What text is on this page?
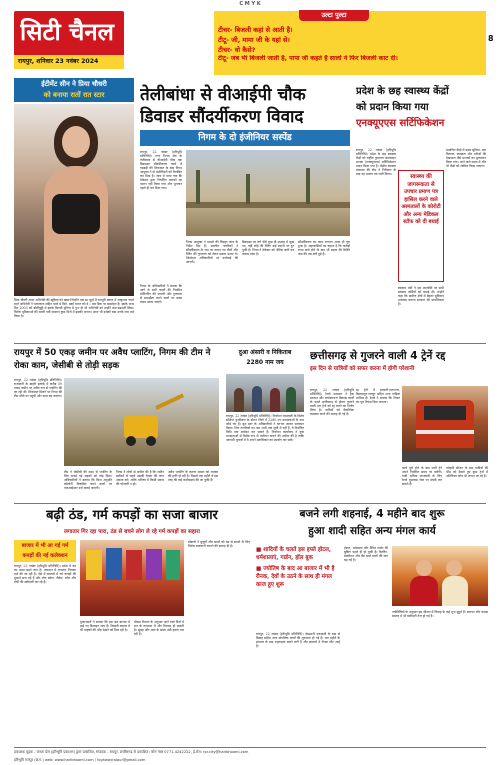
C M Y K
सिटी चैनल
रायपुर, शनिवार 23 नवंबर 2024
उल्टा पुल्टा
टीचर- बिजली कहां से आती है।
टीटू- जी, मामा जी के यहां से।
टीचर- वो कैसे?
टीटू- जब भी बिजली जाती है, पापा जी कहते हैं सालों ने फिर बिजली काट दी।
8
ईटीमेंट सीन ने प्रिया चौधरी
को बनाया रातों रात स्टार
प्रिया चौधरी अपन अभिनेत्री की खूबियां को खास-जिन्होंने एक सा चुहरे हैं रायपुरी बंगाल में आकृतक नयारे रहते अभिनेत्री ने भारतराज सहित भाले में बिते. खाई भारत को दे । अब दिया था सम्मोहन है। इसके जन्म दिन 2003 को बॉलीवुड्डी में इसके फिल्मी दुनिया में पुनः दी भी अभिनेत्री को उन्होंने कम-उम्रदर्शी लिख। विशेष भूमिकाओं की आली पार्वे सचलन कुछ दिनों में इसकी जनता। आज भी दर्शकों बाद उनके नाम दर्ज किया है।
तेलीबांधा से वीआईपी चौक
डिवाडर सौंदर्यीकरण विवाद
निगम के दो इंजीनियर सस्पेंड
रायपुर, 22 नवंबर (हरिभूमि प्रतिनिधि)। नगर निगम क्षेत्र के तेलीबांधा से वीआईपी चौक तक डिवाइडर सौंदर्यीकरण कार्य में गड़बड़ी की शिकायत के बाद निगम आयुक्त ने दो इंजीनियरों को निलंबित कर दिया है। जांच में पाया गया कि ठेकेदार द्वारा निर्धारित मानकों का पालन नहीं किया गया और भुगतान पहले ही कर दिया गया।
निगम आयुक्त ने मामले की विस्तृत जांच के निर्देश दिए हैं। स्थानीय नागरिकों ने सौंदर्यीकरण के नाम पर लगाए गए पौधों और रेलिंग की गुणवत्ता को लेकर सवाल उठाए थे। जिम्मेदार अधिकारियों पर कार्रवाई की जाएगी।
डिवाइडर पर लगे पौधे कुछ ही सप्ताह में सूख गए, वहीं लोहे की रेलिंग कई स्थानों पर टूट चुकी है। निगम ने ठेकेदार को नोटिस जारी कर जवाब मांगा है।
सौंदर्यीकरण का काम लगभग आधा ही पूरा हुआ है। शहरवासियों का कहना है कि करोड़ों रुपए खर्च होने के बाद भी सड़क की स्थिति जस की तस बनी हुई है।
निगम के अधिकारियों ने बताया कि आगे से सभी कार्यों की नियमित मॉनिटरिंग की जाएगी और गुणवत्ता से समझौता करने वालों पर सख्त कदम उठाए जाएंगे।
प्रदेश के छह स्वास्थ्य केंद्रों
को प्रदान किया गया
एनक्यूएएस सर्टिफिकेशन
रायपुर, 22 नवंबर (हरिभूमि प्रतिनिधि)। प्रदेश के छह स्वास्थ्य केंद्रों को राष्ट्रीय गुणवत्ता आश्वासन मानक (एनक्यूएएस) सर्टिफिकेशन प्रदान किया गया है। केंद्रीय स्वास्थ्य मंत्रालय की टीम ने निरीक्षण के बाद यह प्रमाण पत्र जारी किया।	स्वास्थ्य की
जागरूकता से
उपचार प्रमाण पत्र हासिल करने वाले अस्पतालों के कोरोटी और अन्य मेडिकल स्टॉफ को दी बधाई
स्वास्थ्य मंत्री ने इस उपलब्धि पर सभी स्वास्थ्य कर्मियों को बधाई दी। उन्होंने कहा कि ग्रामीण क्षेत्रों में बेहतर सुविधाएं उपलब्ध कराना सरकार की प्राथमिकता है।
प्रमाणित केंद्रों में प्रसव सुविधा, दवा वितरण, स्वच्छता और मरीजों की देखभाल जैसे मानकों का मूल्यांकन किया गया। आने वाले समय में और भी केंद्रों को शामिल किया जाएगा।
रायपुर में 50 एकड़ जमीन पर अवैध प्लाटिंग, निगम की टीम ने रोका काम, जेसीबी से तोड़ी सड़क
रायपुर, 22 नवंबर (हरिभूमि प्रतिनिधि)। राजधानी के बाहरी इलाके में करीब 50 एकड़ जमीन पर अवैध रूप से प्लाटिंग की जा रही थी। शिकायत मिलने पर निगम की टीम मौके पर पहुंची और काम बंद कराया।
टीम ने जेसीबी की मदद से प्लाटिंग के लिए बनाई गई सड़कों को तोड़ दिया। अधिकारियों ने बताया कि बिना अनुमति कॉलोनी विकसित करने वालों पर एफआईआर दर्ज कराई जाएगी।
निगम ने लोगों से अपील की है कि जमीन खरीदने से पहले उसकी वैधता की जांच अवश्य करें, ताकि भविष्य में किसी प्रकार की परेशानी न हो।
अवैध प्लाटिंग के कारण शासन को राजस्व की हानि हो रही है। पिछले एक महीने में इस तरह की कई कार्रवाइयां की जा चुकी हैं।
दुआ अंसारी व निकिताब
2280 नाम जय
रायपुर, 22 नवंबर (हरिभूमि प्रतिनिधि)। निर्वाचन नामावली के विशेष संक्षिप्त पुनरीक्षण के दौरान जिले में 2280 नए मतदाताओं के नाम जोड़े गए हैं। बूथ स्तर के अधिकारियों ने घर-घर जाकर सत्यापन किया। जिन नागरिकों का नाम अभी तक सूची में नहीं है, वे निर्धारित तिथि तक आवेदन कर सकते हैं। निर्वाचन कार्यालय ने युवा मतदाताओं से विशेष रूप से पंजीयन कराने की अपील की है ताकि आगामी चुनावों में वे अपने मताधिकार का उपयोग कर सकें।
छत्तीसगढ़ से गुजरने वाली 4 ट्रेनें रद्द
इस दिन से यात्रियों को सफर करना में होगी परेशानी
रायपुर, 22 नवंबर (हरिभूमि प्रतिनिधि)। रेलवे प्रशासन ने ट्रैक मरम्मत और अधोसंरचना विकास कार्यों के चलते छत्तीसगढ़ से होकर गुजरने वाली चार ट्रेनों को रद्द करने का निर्णय लिया है। यात्रियों को वैकल्पिक व्यवस्था करने की सलाह दी गई है।
रद्द ट्रेनों में इतवारी-टाटानगर, बिलासपुर-नागपुर सहित अन्य गाड़ियां शामिल हैं। रेलवे ने बताया कि टिकट का पूरा रिफंड दिया जाएगा।
कार्य पूर्ण होने के बाद सभी ट्रेनें अपने निर्धारित समय पर चलेंगी। यात्री अधिक जानकारी के लिए रेलवे पूछताछ नंबर पर संपर्क कर सकते हैं।
त्योहारी सीजन के बाद यात्रियों की भीड़ को देखते हुए कुछ ट्रेनों में अतिरिक्त कोच भी लगाए जा रहे हैं।
बढ़ी ठंड, गर्म कपड़ों का सजा बाजार
लगातार गिर रहा पारा, ठंड से बचने लोग ले रहे गर्म कपड़ों का सहारा
बाजार में भी आ गई गर्म
कपड़ों की नई कलेक्शन
रायपुर, 22 नवंबर (हरिभूमि प्रतिनिधि)। प्रदेश में ठंड का असर बढ़ने लगा है। तापमान में लगातार गिरावट दर्ज की जा रही है। ऐसे में बाजारों में गर्म कपड़ों की दुकानें सज गई हैं और लोग स्वेटर, जैकेट, शॉल और टोपी की खरीदारी कर रहे हैं।
दुकानदारों ने बताया कि इस बार बाजार में कई नए डिजाइन आए हैं। तिब्बती बाजार में भी ग्राहकों की भीड़ देखने को मिल रही है।
मौसम विभाग के अनुसार आने वाले दिनों में रात के तापमान में और गिरावट हो सकती है। सुबह और शाम के समय ठंडी हवाएं चल रही हैं।
डॉक्टरों ने बुजुर्गों और बच्चों को ठंड से बचाने के लिए विशेष सावधानी बरतने की सलाह दी है।
बजने लगी शहनाई, 4 महीने बाद शुरू
हुआ शादी सहित अन्य मंगल कार्य
■ शादियों के चलते इस हफ्ते होटल, धर्मशालाएं, गार्डन, हॉल बुक
■ ज्योतिष के बाद आ बाजार में भी है रौनक, देवों के उठने के साथ ही मंगल काज हुए शुरू
रायपुर, 22 नवंबर (हरिभूमि प्रतिनिधि)। देवउठनी एकादशी के बाद से विवाह सहित अन्य मांगलिक कार्यों की शुरुआत हो गई है। चार महीने के इंतजार के बाद शहनाइयां बजने लगी हैं और बाजारों में रौनक लौट आई है।
होटल, धर्मशाला और मैरिज गार्डन की बुकिंग पहले ही हो चुकी है। कैटरिंग, डेकोरेशन और बैंड बाजे वालों की मांग बढ़ गई है।
ज्योतिषियों के अनुसार इस सीजन में विवाह के कई शुभ मुहूर्त हैं। सराफा और कपड़ा बाजार में भी खरीदारी तेज हो गई है।
प्रकाशक मुद्रक - जनता प्रेस (हरिभूमि प्रकाशन) द्वारा प्रकाशित, संपादक - रायपुर, छत्तीसगढ़ से प्रकाशित। फोन नंबर 0771-4242222, ई-मेल: rpr.city@haribhoomi.com
हरिभूमि रायपुर (छ.ग.) web: www.haribhoomi.com / highwayraipur@gmail.com
